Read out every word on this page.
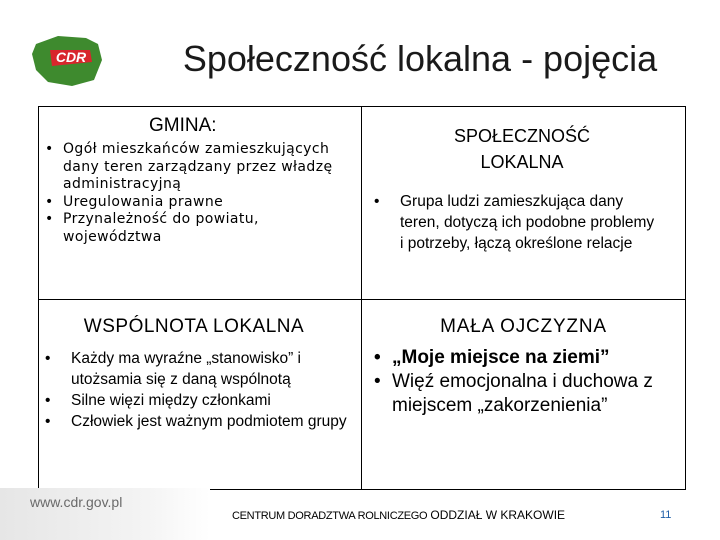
CDR	Społeczność lokalna - pojęcia
GMINA:
• Ogół mieszkańców zamieszkujących dany teren zarządzany przez władzę administracyjną
• Uregulowania prawne
• Przynależność do powiatu, województwa
SPOŁECZNOŚĆ
LOKALNA
• Grupa ludzi zamieszkująca dany teren, dotyczą ich podobne problemy i potrzeby, łączą określone relacje
WSPÓLNOTA LOKALNA
• Każdy ma wyraźne „stanowisko” i utożsamia się z daną wspólnotą
• Silne więzi między członkami
• Człowiek jest ważnym podmiotem grupy
MAŁA OJCZYZNA
• „Moje miejsce na ziemi”
• Więź emocjonalna i duchowa z miejscem „zakorzenienia”
www.cdr.gov.pl
CENTRUM DORADZTWA ROLNICZEGO ODDZIAŁ W KRAKOWIE	11
